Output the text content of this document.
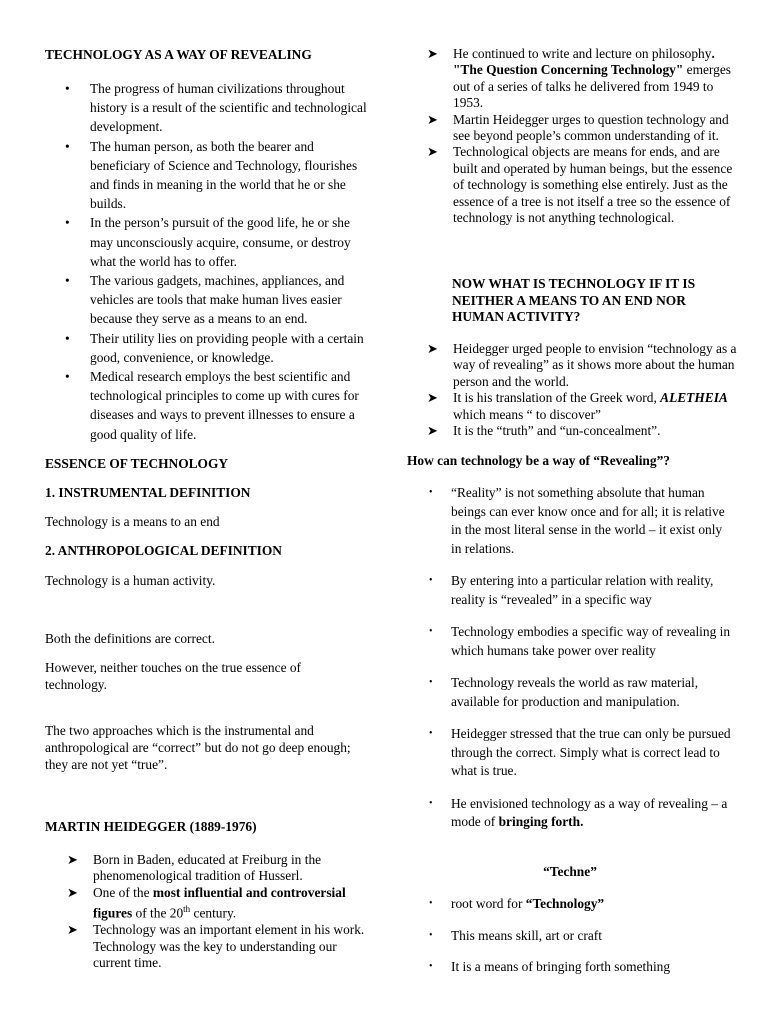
TECHNOLOGY AS A WAY OF REVEALING
• The progress of human civilizations throughout history is a result of the scientific and technological development.
• The human person, as both the bearer and beneficiary of Science and Technology, flourishes and finds in meaning in the world that he or she builds.
• In the person’s pursuit of the good life, he or she may unconsciously acquire, consume, or destroy what the world has to offer.
• The various gadgets, machines, appliances, and vehicles are tools that make human lives easier because they serve as a means to an end.
• Their utility lies on providing people with a certain good, convenience, or knowledge.
• Medical research employs the best scientific and technological principles to come up with cures for diseases and ways to prevent illnesses to ensure a good quality of life.
ESSENCE OF TECHNOLOGY
1. INSTRUMENTAL DEFINITION

Technology is a means to an end

2. ANTHROPOLOGICAL DEFINITION

Technology is a human activity.

Both the definitions are correct.

However, neither touches on the true essence of technology.

The two approaches which is the instrumental and anthropological are “correct” but do not go deep enough; they are not yet “true”.

MARTIN HEIDEGGER (1889-1976)
➤ Born in Baden, educated at Freiburg in the phenomenological tradition of Husserl.
➤ One of the most influential and controversial figures of the 20th century.
➤ Technology was an important element in his work. Technology was the key to understanding our current time.
➤ He continued to write and lecture on philosophy. "The Question Concerning Technology" emerges out of a series of talks he delivered from 1949 to 1953.
➤ Martin Heidegger urges to question technology and see beyond people’s common understanding of it.
➤ Technological objects are means for ends, and are built and operated by human beings, but the essence of technology is something else entirely. Just as the essence of a tree is not itself a tree so the essence of technology is not anything technological.
NOW WHAT IS TECHNOLOGY IF IT IS NEITHER A MEANS TO AN END NOR HUMAN ACTIVITY?
➤ Heidegger urged people to envision “technology as a way of revealing” as it shows more about the human person and the world.
➤ It is his translation of the Greek word, ALETHEIA which means “ to discover”
➤ It is the “truth” and “un-concealment”.
How can technology be a way of “Revealing”?
• “Reality” is not something absolute that human beings can ever know once and for all; it is relative in the most literal sense in the world – it exist only in relations.
• By entering into a particular relation with reality, reality is “revealed” in a specific way
• Technology embodies a specific way of revealing in which humans take power over reality
• Technology reveals the world as raw material, available for production and manipulation.
• Heidegger stressed that the true can only be pursued through the correct. Simply what is correct lead to what is true.
• He envisioned technology as a way of revealing – a mode of bringing forth.
“Techne”
• root word for “Technology”
• This means skill, art or craft
• It is a means of bringing forth something
